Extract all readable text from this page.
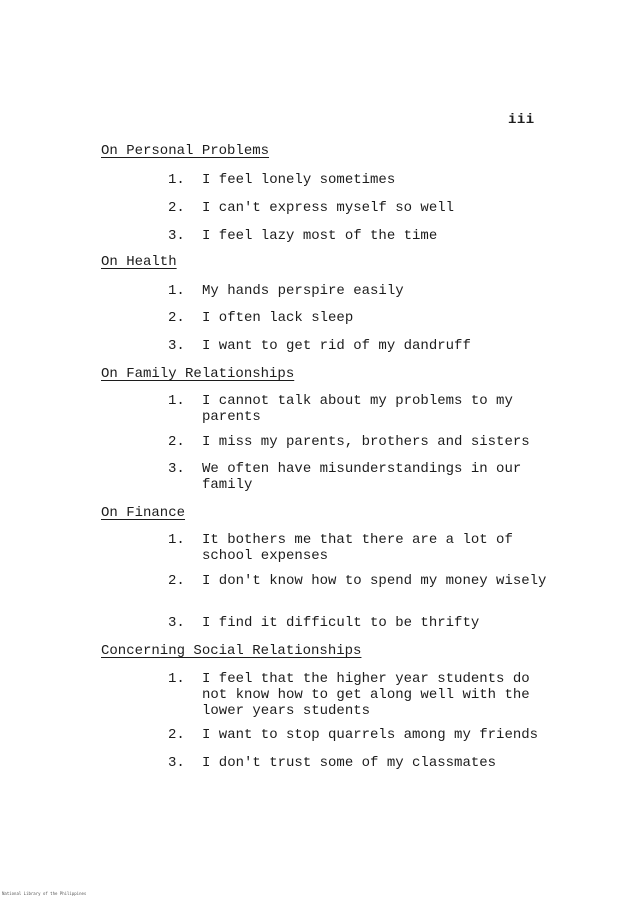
iii
On Personal Problems
1.	I feel lonely sometimes
2.	I can't express myself so well
3.	I feel lazy most of the time
On Health
1.	My hands perspire easily
2.	I often lack sleep
3.	I want to get rid of my dandruff
On Family Relationships
1.	I cannot talk about my problems to my parents
2.	I miss my parents, brothers and sisters
3.	We often have misunderstandings in our family
On Finance
1.	It bothers me that there are a lot of school expenses
2.	I don't know how to spend my money wisely
3.	I find it difficult to be thrifty
Concerning Social Relationships
1.	I feel that the higher year students do not know how to get along well with the lower years students
2.	I want to stop quarrels among my friends
3.	I don't trust some of my classmates
National Library of the Philippines
